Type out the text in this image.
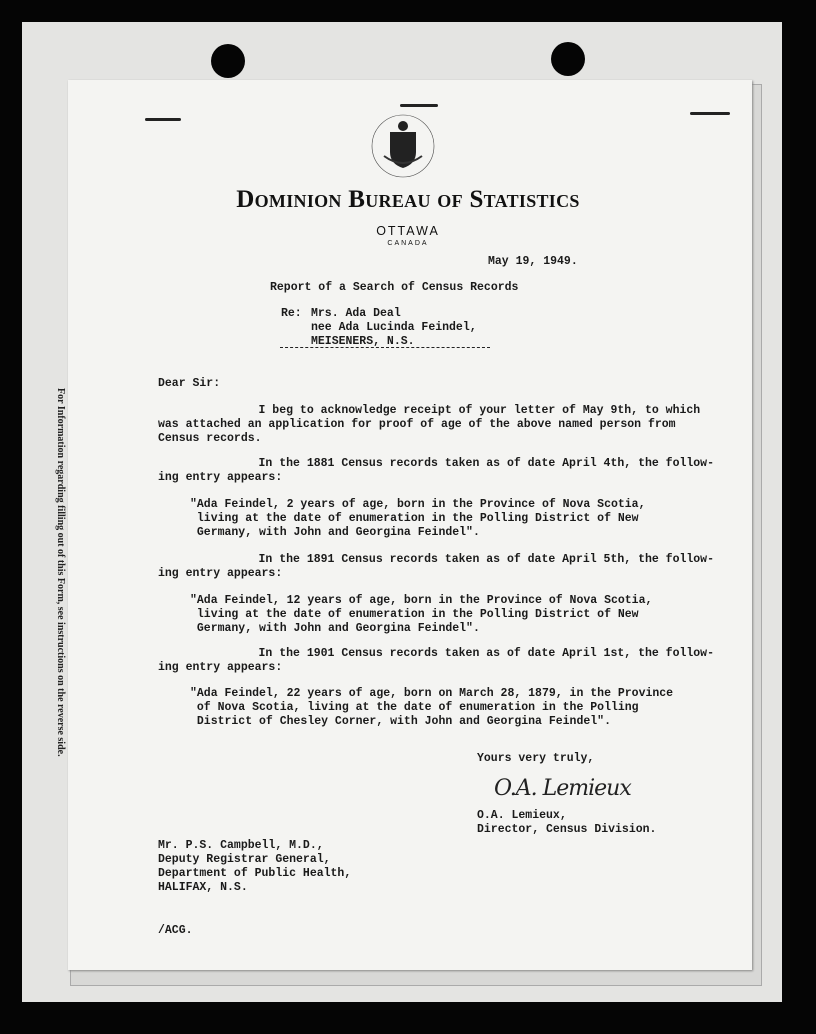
For Information regarding filling out of this Form, see instructions on the reverse side.
Dominion Bureau of Statistics
OTTAWA
CANADA
May 19, 1949.
Report of a Search of Census Records
Re: Mrs. Ada Deal
nee Ada Lucinda Feindel,
MEISENERS, N.S.
Dear Sir:
I beg to acknowledge receipt of your letter of May 9th, to which
was attached an application for proof of age of the above named person from
Census records.
In the 1881 Census records taken as of date April 4th, the follow-
ing entry appears:
"Ada Feindel, 2 years of age, born in the Province of Nova Scotia,
living at the date of enumeration in the Polling District of New
Germany, with John and Georgina Feindel".
In the 1891 Census records taken as of date April 5th, the follow-
ing entry appears:
"Ada Feindel, 12 years of age, born in the Province of Nova Scotia,
living at the date of enumeration in the Polling District of New
Germany, with John and Georgina Feindel".
In the 1901 Census records taken as of date April 1st, the follow-
ing entry appears:
"Ada Feindel, 22 years of age, born on March 28, 1879, in the Province
of Nova Scotia, living at the date of enumeration in the Polling
District of Chesley Corner, with John and Georgina Feindel".
Yours very truly,
O.A. Lemieux
O.A. Lemieux,
Director, Census Division.
Mr. P.S. Campbell, M.D.,
Deputy Registrar General,
Department of Public Health,
HALIFAX, N.S.
/ACG.
